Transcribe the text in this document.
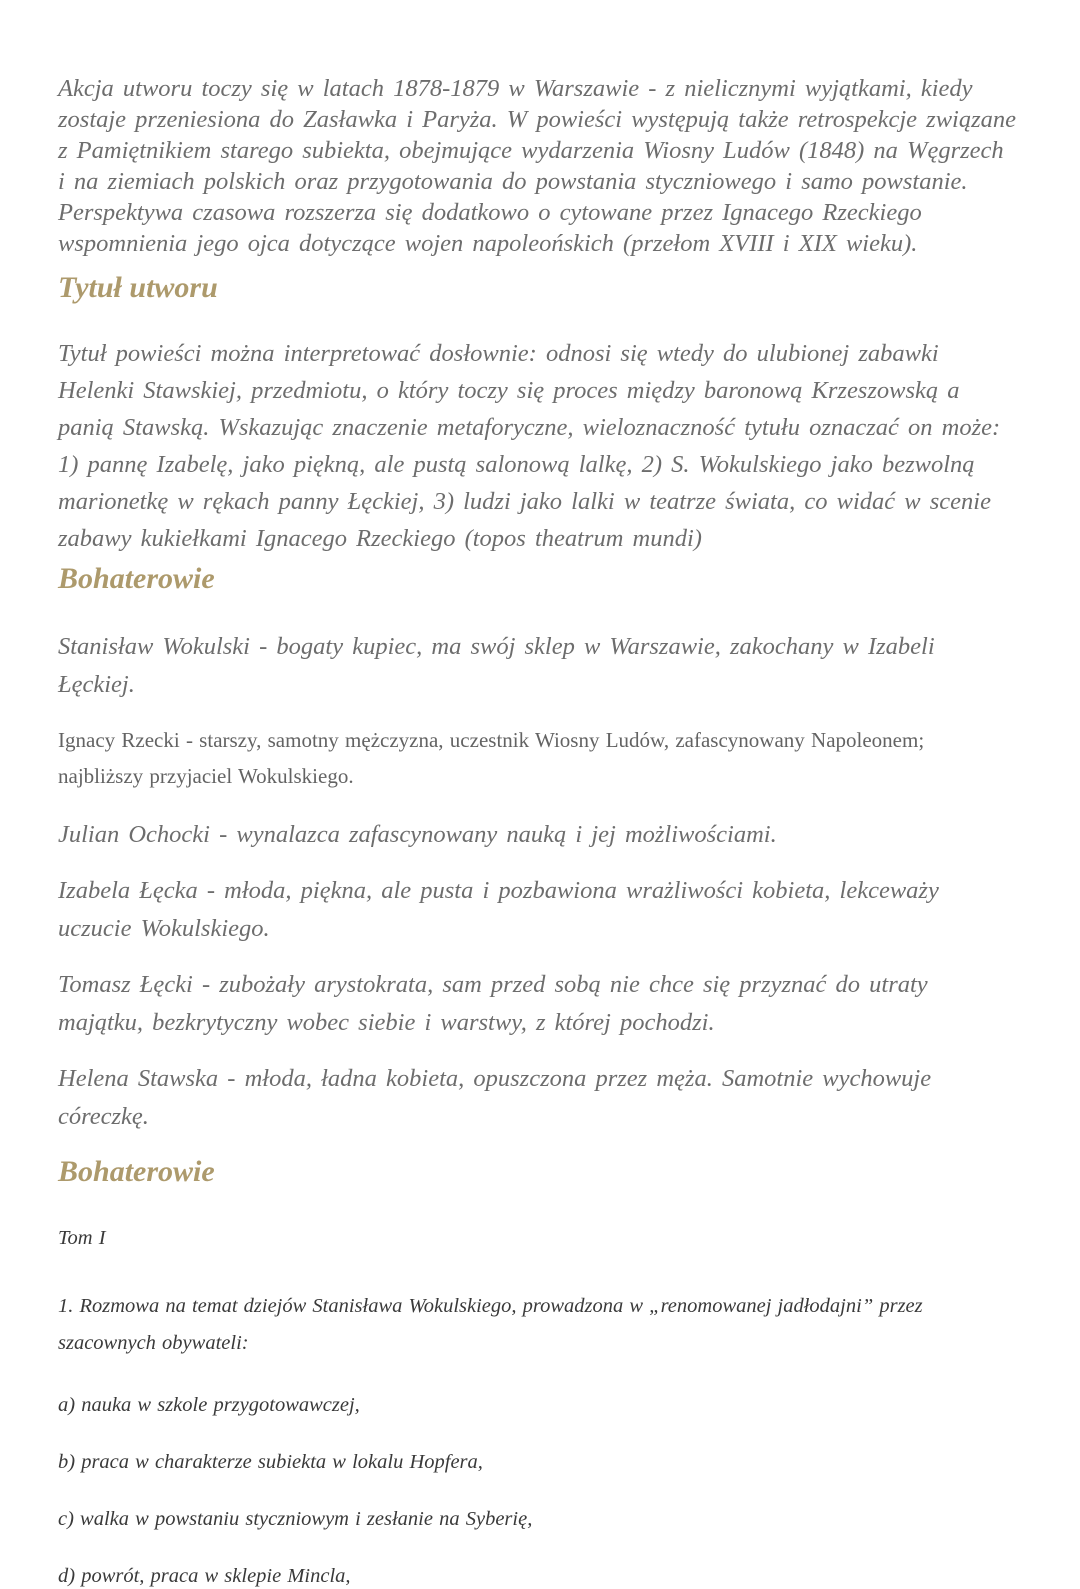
Akcja utworu toczy się w latach 1878-1879 w Warszawie - z nielicznymi wyjątkami, kiedy zostaje przeniesiona do Zasławka i Paryża. W powieści występują także retrospekcje związane z Pamiętnikiem starego subiekta, obejmujące wydarzenia Wiosny Ludów (1848) na Węgrzech i na ziemiach polskich oraz przygotowania do powstania styczniowego i samo powstanie. Perspektywa czasowa rozszerza się dodatkowo o cytowane przez Ignacego Rzeckiego wspomnienia jego ojca dotyczące wojen napoleońskich (przełom XVIII i XIX wieku).

Tytuł utworu

Tytuł powieści można interpretować dosłownie: odnosi się wtedy do ulubionej zabawki Helenki Stawskiej, przedmiotu, o który toczy się proces między baronową Krzeszowską a panią Stawską. Wskazując znaczenie metaforyczne, wieloznaczność tytułu oznaczać on może: 1) pannę Izabelę, jako piękną, ale pustą salonową lalkę, 2) S. Wokulskiego jako bezwolną marionetkę w rękach panny Łęckiej, 3) ludzi jako lalki w teatrze świata, co widać w scenie zabawy kukiełkami Ignacego Rzeckiego (topos theatrum mundi)

Bohaterowie

Stanisław Wokulski - bogaty kupiec, ma swój sklep w Warszawie, zakochany w Izabeli Łęckiej.

Ignacy Rzecki - starszy, samotny mężczyzna, uczestnik Wiosny Ludów, zafascynowany Napoleonem; najbliższy przyjaciel Wokulskiego.

Julian Ochocki - wynalazca zafascynowany nauką i jej możliwościami.

Izabela Łęcka - młoda, piękna, ale pusta i pozbawiona wrażliwości kobieta, lekceważy uczucie Wokulskiego.

Tomasz Łęcki - zubożały arystokrata, sam przed sobą nie chce się przyznać do utraty majątku, bezkrytyczny wobec siebie i warstwy, z której pochodzi.

Helena Stawska - młoda, ładna kobieta, opuszczona przez męża. Samotnie wychowuje córeczkę.

Bohaterowie

Tom I

1. Rozmowa na temat dziejów Stanisława Wokulskiego, prowadzona w „renomowanej jadłodajni” przez szacownych obywateli:

a) nauka w szkole przygotowawczej,

b) praca w charakterze subiekta w lokalu Hopfera,

c) walka w powstaniu styczniowym i zesłanie na Syberię,

d) powrót, praca w sklepie Mincla,
